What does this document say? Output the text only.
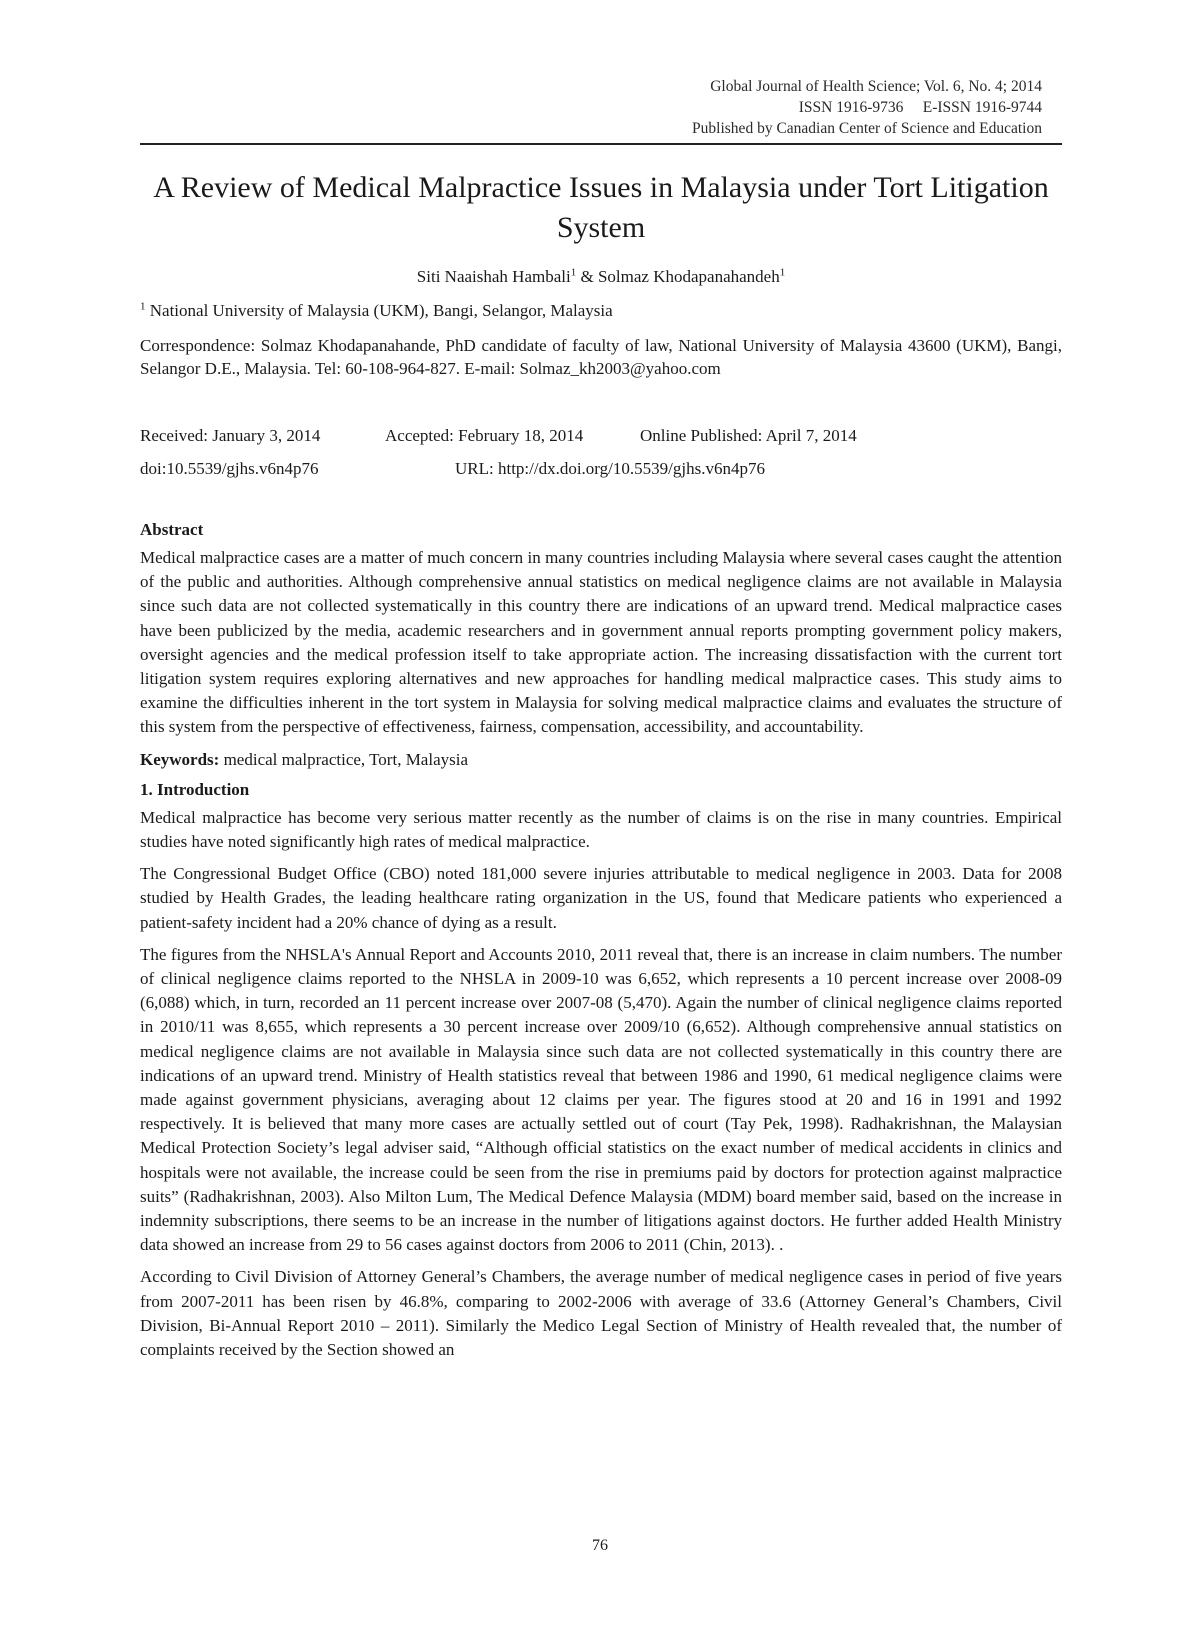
Global Journal of Health Science; Vol. 6, No. 4; 2014
ISSN 1916-9736     E-ISSN 1916-9744
Published by Canadian Center of Science and Education
A Review of Medical Malpractice Issues in Malaysia under Tort Litigation System
Siti Naaishah Hambali$^1$ & Solmaz Khodapanahandeh$^1$
$^1$ National University of Malaysia (UKM), Bangi, Selangor, Malaysia
Correspondence: Solmaz Khodapanahande, PhD candidate of faculty of law, National University of Malaysia 43600 (UKM), Bangi, Selangor D.E., Malaysia. Tel: 60-108-964-827. E-mail: Solmaz_kh2003@yahoo.com
Received: January 3, 2014	Accepted: February 18, 2014	Online Published: April 7, 2014
doi:10.5539/gjhs.v6n4p76	URL: http://dx.doi.org/10.5539/gjhs.v6n4p76
Abstract

Medical malpractice cases are a matter of much concern in many countries including Malaysia where several cases caught the attention of the public and authorities. Although comprehensive annual statistics on medical negligence claims are not available in Malaysia since such data are not collected systematically in this country there are indications of an upward trend. Medical malpractice cases have been publicized by the media, academic researchers and in government annual reports prompting government policy makers, oversight agencies and the medical profession itself to take appropriate action. The increasing dissatisfaction with the current tort litigation system requires exploring alternatives and new approaches for handling medical malpractice cases. This study aims to examine the difficulties inherent in the tort system in Malaysia for solving medical malpractice claims and evaluates the structure of this system from the perspective of effectiveness, fairness, compensation, accessibility, and accountability.

Keywords: medical malpractice, Tort, Malaysia
1. Introduction

Medical malpractice has become very serious matter recently as the number of claims is on the rise in many countries. Empirical studies have noted significantly high rates of medical malpractice.

The Congressional Budget Office (CBO) noted 181,000 severe injuries attributable to medical negligence in 2003. Data for 2008 studied by Health Grades, the leading healthcare rating organization in the US, found that Medicare patients who experienced a patient-safety incident had a 20% chance of dying as a result.

The figures from the NHSLA's Annual Report and Accounts 2010, 2011 reveal that, there is an increase in claim numbers. The number of clinical negligence claims reported to the NHSLA in 2009-10 was 6,652, which represents a 10 percent increase over 2008-09 (6,088) which, in turn, recorded an 11 percent increase over 2007-08 (5,470). Again the number of clinical negligence claims reported in 2010/11 was 8,655, which represents a 30 percent increase over 2009/10 (6,652). Although comprehensive annual statistics on medical negligence claims are not available in Malaysia since such data are not collected systematically in this country there are indications of an upward trend. Ministry of Health statistics reveal that between 1986 and 1990, 61 medical negligence claims were made against government physicians, averaging about 12 claims per year. The figures stood at 20 and 16 in 1991 and 1992 respectively. It is believed that many more cases are actually settled out of court (Tay Pek, 1998). Radhakrishnan, the Malaysian Medical Protection Society’s legal adviser said, “Although official statistics on the exact number of medical accidents in clinics and hospitals were not available, the increase could be seen from the rise in premiums paid by doctors for protection against malpractice suits” (Radhakrishnan, 2003). Also Milton Lum, The Medical Defence Malaysia (MDM) board member said, based on the increase in indemnity subscriptions, there seems to be an increase in the number of litigations against doctors. He further added Health Ministry data showed an increase from 29 to 56 cases against doctors from 2006 to 2011 (Chin, 2013). .

According to Civil Division of Attorney General’s Chambers, the average number of medical negligence cases in period of five years from 2007-2011 has been risen by 46.8%, comparing to 2002-2006 with average of 33.6 (Attorney General’s Chambers, Civil Division, Bi-Annual Report 2010 – 2011). Similarly the Medico Legal Section of Ministry of Health revealed that, the number of complaints received by the Section showed an

76
